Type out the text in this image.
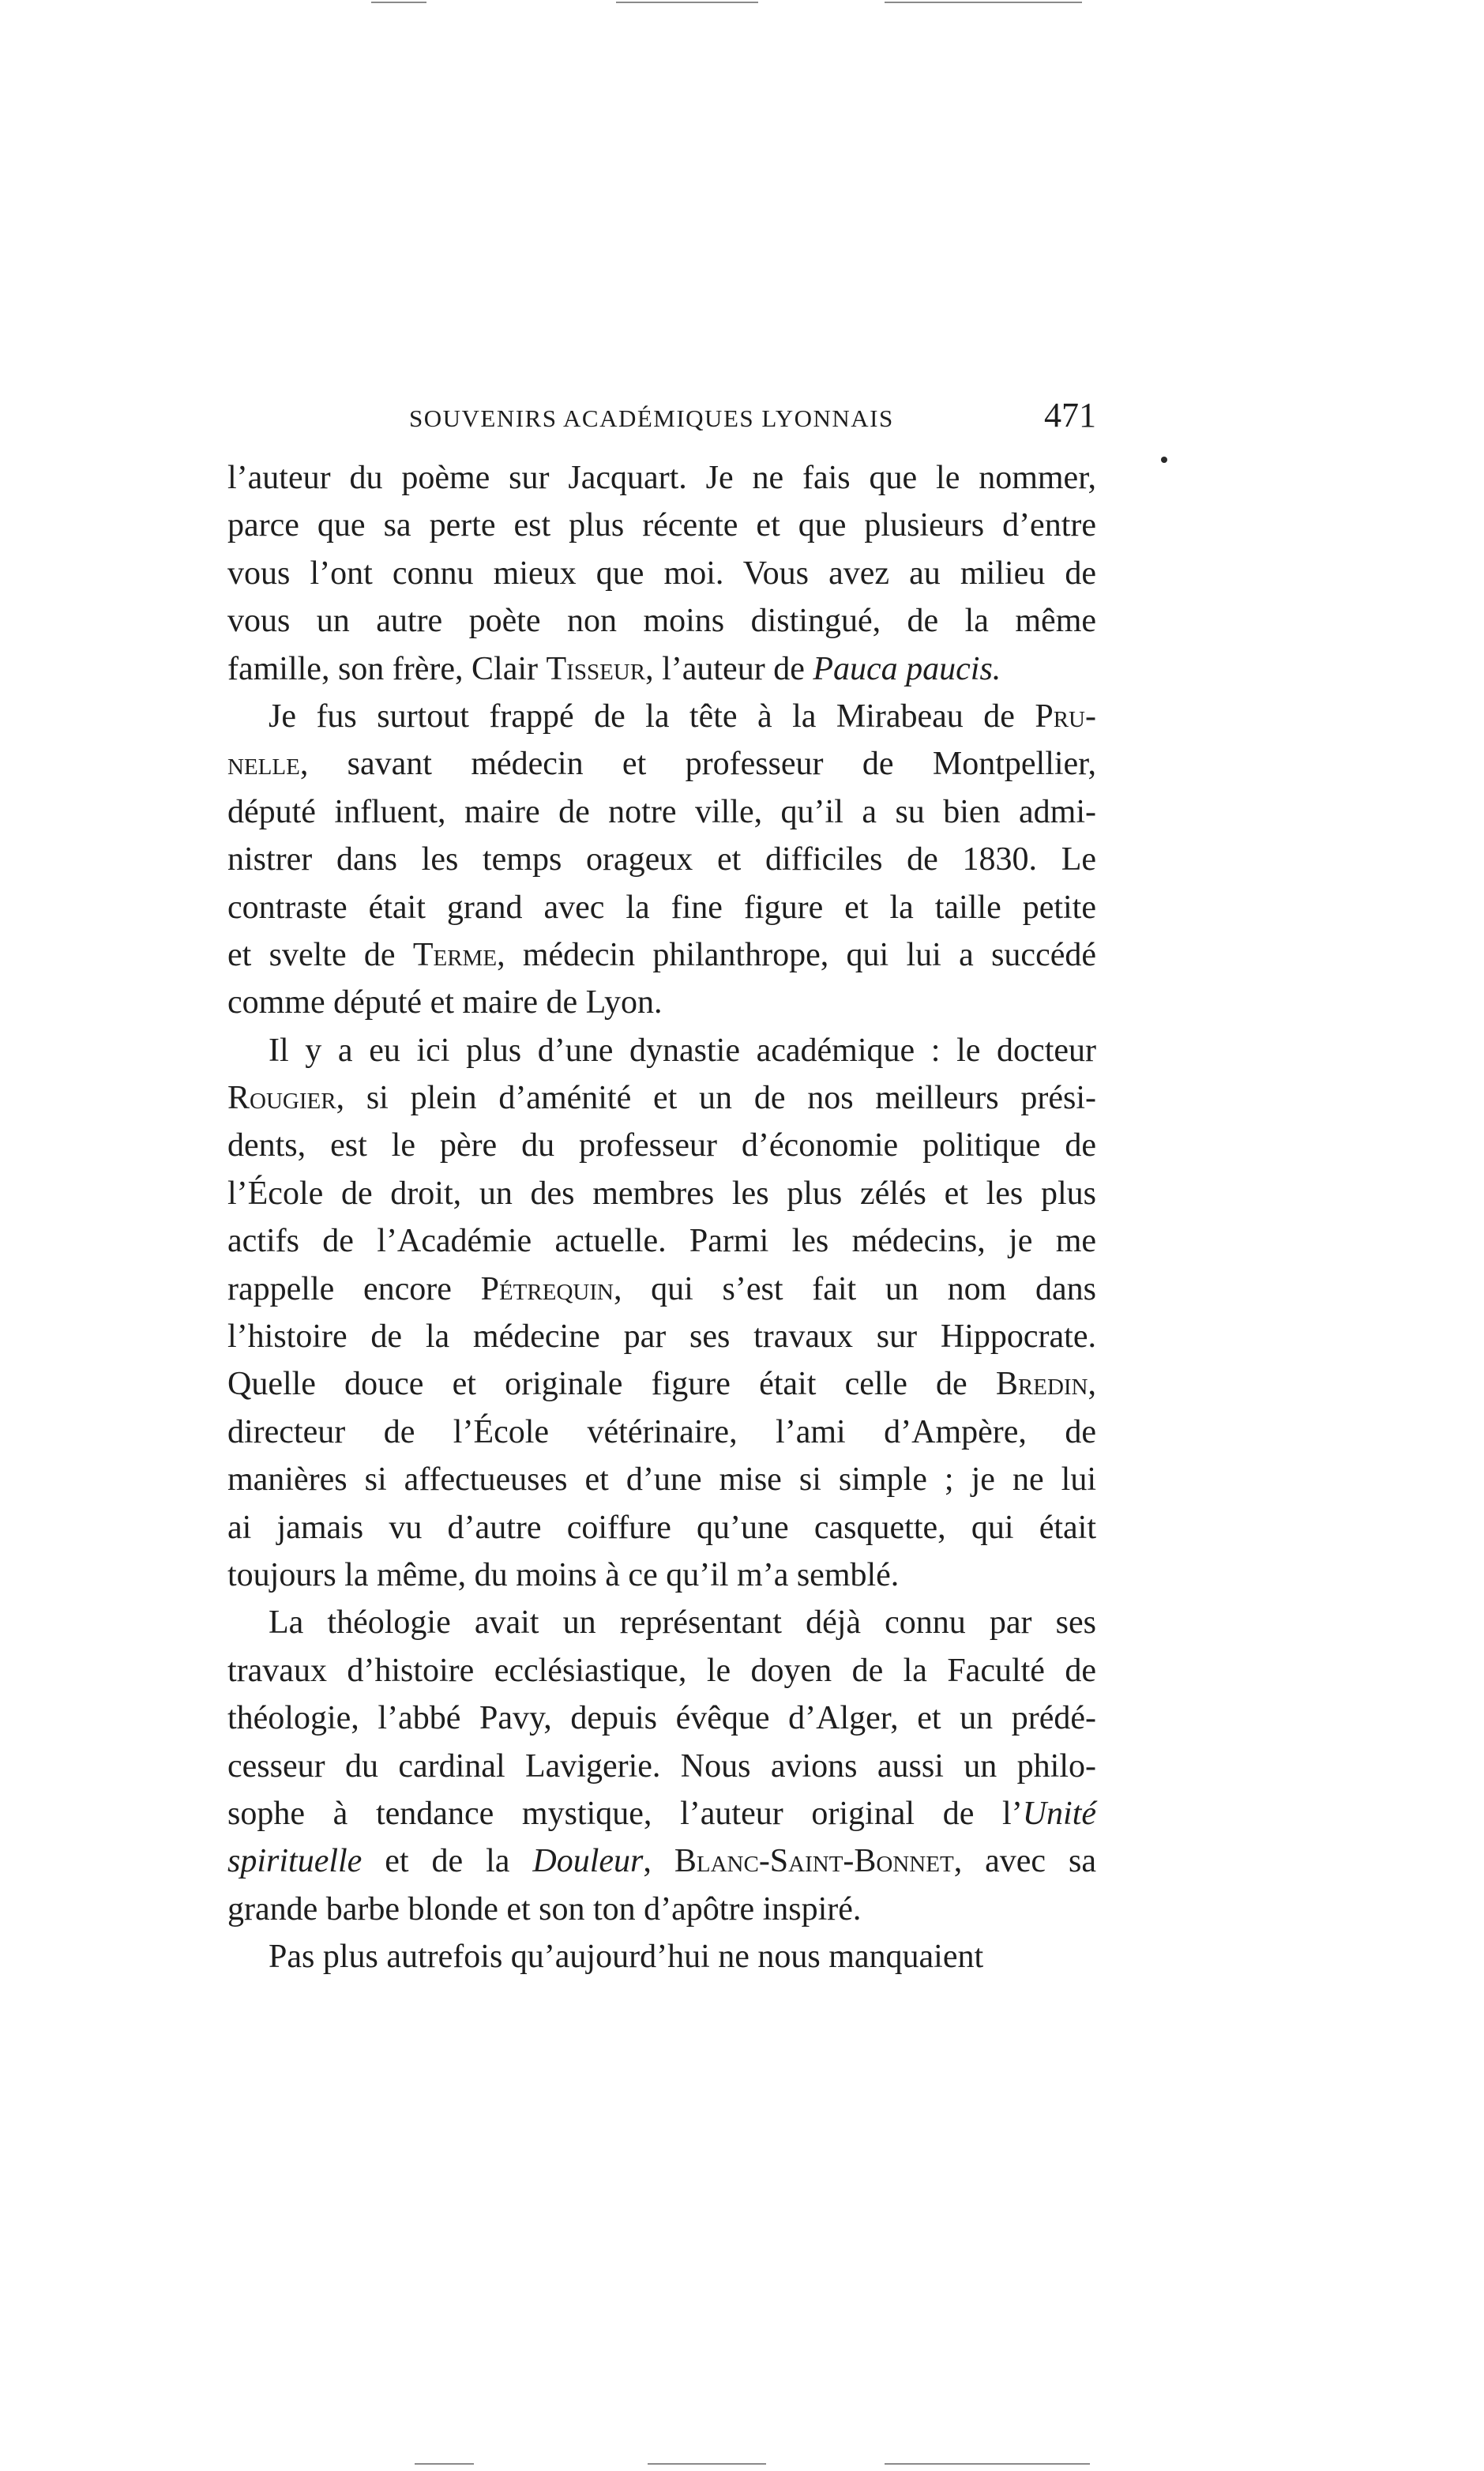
SOUVENIRS ACADÉMIQUES LYONNAIS	471
l’auteur du poème sur Jacquart. Je ne fais que le nommer,
parce que sa perte est plus récente et que plusieurs d’entre
vous l’ont connu mieux que moi. Vous avez au milieu de
vous un autre poète non moins distingué, de la même
famille, son frère, Clair Tisseur, l’auteur de Pauca paucis.
Je fus surtout frappé de la tête à la Mirabeau de Pru-
nelle, savant médecin et professeur de Montpellier,
député influent, maire de notre ville, qu’il a su bien admi-
nistrer dans les temps orageux et difficiles de 1830. Le
contraste était grand avec la fine figure et la taille petite
et svelte de Terme, médecin philanthrope, qui lui a succédé
comme député et maire de Lyon.
Il y a eu ici plus d’une dynastie académique : le docteur
Rougier, si plein d’aménité et un de nos meilleurs prési-
dents, est le père du professeur d’économie politique de
l’École de droit, un des membres les plus zélés et les plus
actifs de l’Académie actuelle. Parmi les médecins, je me
rappelle encore Pétrequin, qui s’est fait un nom dans
l’histoire de la médecine par ses travaux sur Hippocrate.
Quelle douce et originale figure était celle de Bredin,
directeur de l’École vétérinaire, l’ami d’Ampère, de
manières si affectueuses et d’une mise si simple ; je ne lui
ai jamais vu d’autre coiffure qu’une casquette, qui était
toujours la même, du moins à ce qu’il m’a semblé.
La théologie avait un représentant déjà connu par ses
travaux d’histoire ecclésiastique, le doyen de la Faculté de
théologie, l’abbé Pavy, depuis évêque d’Alger, et un prédé-
cesseur du cardinal Lavigerie. Nous avions aussi un philo-
sophe à tendance mystique, l’auteur original de l’Unité
spirituelle et de la Douleur, Blanc-Saint-Bonnet, avec sa
grande barbe blonde et son ton d’apôtre inspiré.
Pas plus autrefois qu’aujourd’hui ne nous manquaient
